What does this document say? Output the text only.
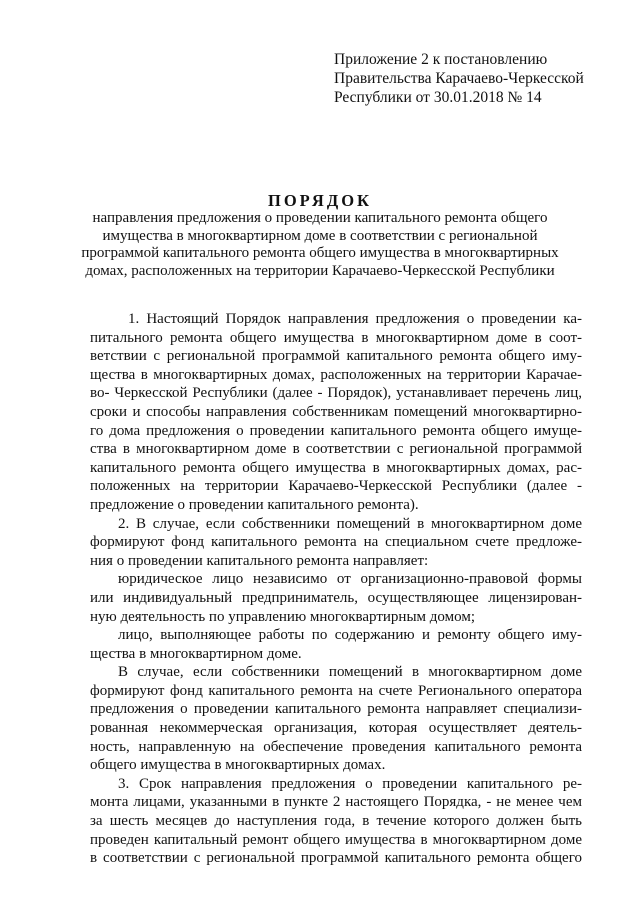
Приложение 2 к постановлению
Правительства Карачаево-Черкесской
Республики от 30.01.2018 № 14
ПОРЯДОК
направления предложения о проведении капитального ремонта общего
имущества в многоквартирном доме в соответствии с региональной
программой капитального ремонта общего имущества в многоквартирных
домах, расположенных на территории Карачаево-Черкесской Республики
1. Настоящий Порядок направления предложения о проведении ка-
питального ремонта общего имущества в многоквартирном доме в соот-
ветствии с региональной программой капитального ремонта общего иму-
щества в многоквартирных домах, расположенных на территории Карачае-
во- Черкесской Республики (далее - Порядок), устанавливает перечень лиц,
сроки и способы направления собственникам помещений многоквартирно-
го дома предложения о проведении капитального ремонта общего имуще-
ства в многоквартирном доме в соответствии с региональной программой
капитального ремонта общего имущества в многоквартирных домах, рас-
положенных на территории Карачаево-Черкесской Республики (далее -
предложение о проведении капитального ремонта).
2. В случае, если собственники помещений в многоквартирном доме
формируют фонд капитального ремонта на специальном счете предложе-
ния о проведении капитального ремонта направляет:
юридическое лицо независимо от организационно-правовой формы
или индивидуальный предприниматель, осуществляющее лицензирован-
ную деятельность по управлению многоквартирным домом;
лицо, выполняющее работы по содержанию и ремонту общего иму-
щества в многоквартирном доме.
В случае, если собственники помещений в многоквартирном доме
формируют фонд капитального ремонта на счете Регионального оператора
предложения о проведении капитального ремонта направляет специализи-
рованная некоммерческая организация, которая осуществляет деятель-
ность, направленную на обеспечение проведения капитального ремонта
общего имущества в многоквартирных домах.
3. Срок направления предложения о проведении капитального ре-
монта лицами, указанными в пункте 2 настоящего Порядка, - не менее чем
за шесть месяцев до наступления года, в течение которого должен быть
проведен капитальный ремонт общего имущества в многоквартирном доме
в соответствии с региональной программой капитального ремонта общего
